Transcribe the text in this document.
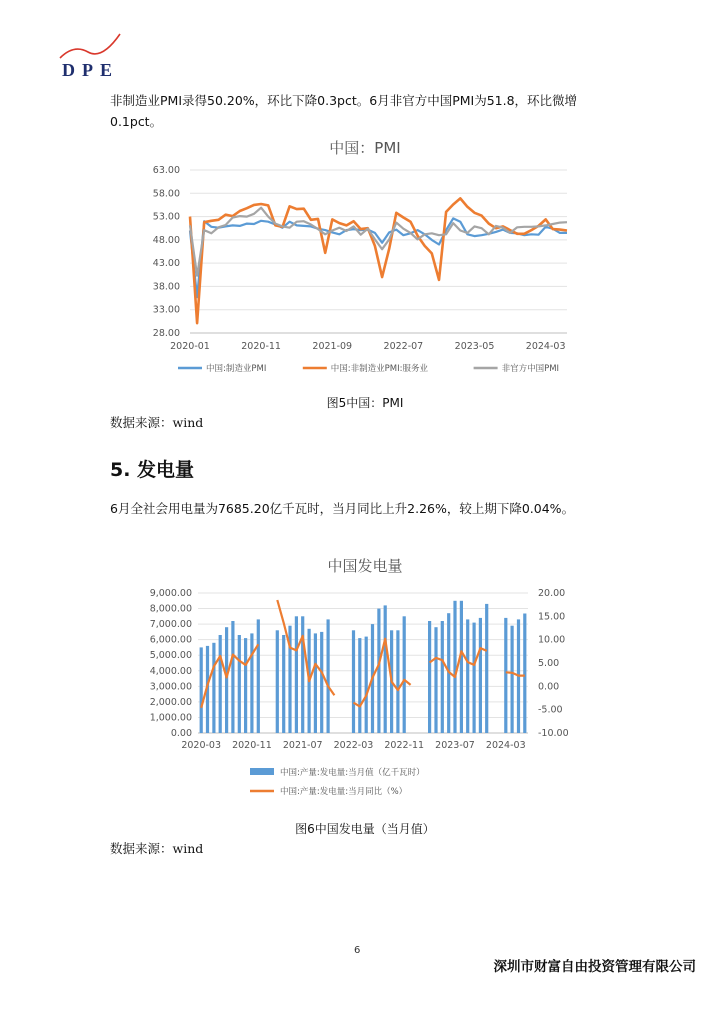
DPE
非制造业PMI录得50.20%，环比下降0.3pct。6月非官方中国PMI为51.8，环比微增0.1pct。
中国：PMI
28.00
33.00
38.00
43.00
48.00
53.00
58.00
63.00
2020-01	2020-11	2021-09	2022-07	2023-05	2024-03
中国:制造业PMI	中国:非制造业PMI:服务业	非官方中国PMI
图5中国：PMI
数据来源：wind
5. 发电量
6月全社会用电量为7685.20亿千瓦时，当月同比上升2.26%，较上期下降0.04%。
中国发电量
0.00
1,000.00
2,000.00
3,000.00
4,000.00
5,000.00
6,000.00
7,000.00
8,000.00
9,000.00
-10.00
-5.00
0.00
5.00
10.00
15.00
20.00
2020-03 2020-11 2021-07 2022-03 2022-11 2023-07 2024-03
中国:产量:发电量:当月值（亿千瓦时）
中国:产量:发电量:当月同比（%）
图6中国发电量（当月值）
数据来源：wind
6
深圳市财富自由投资管理有限公司
